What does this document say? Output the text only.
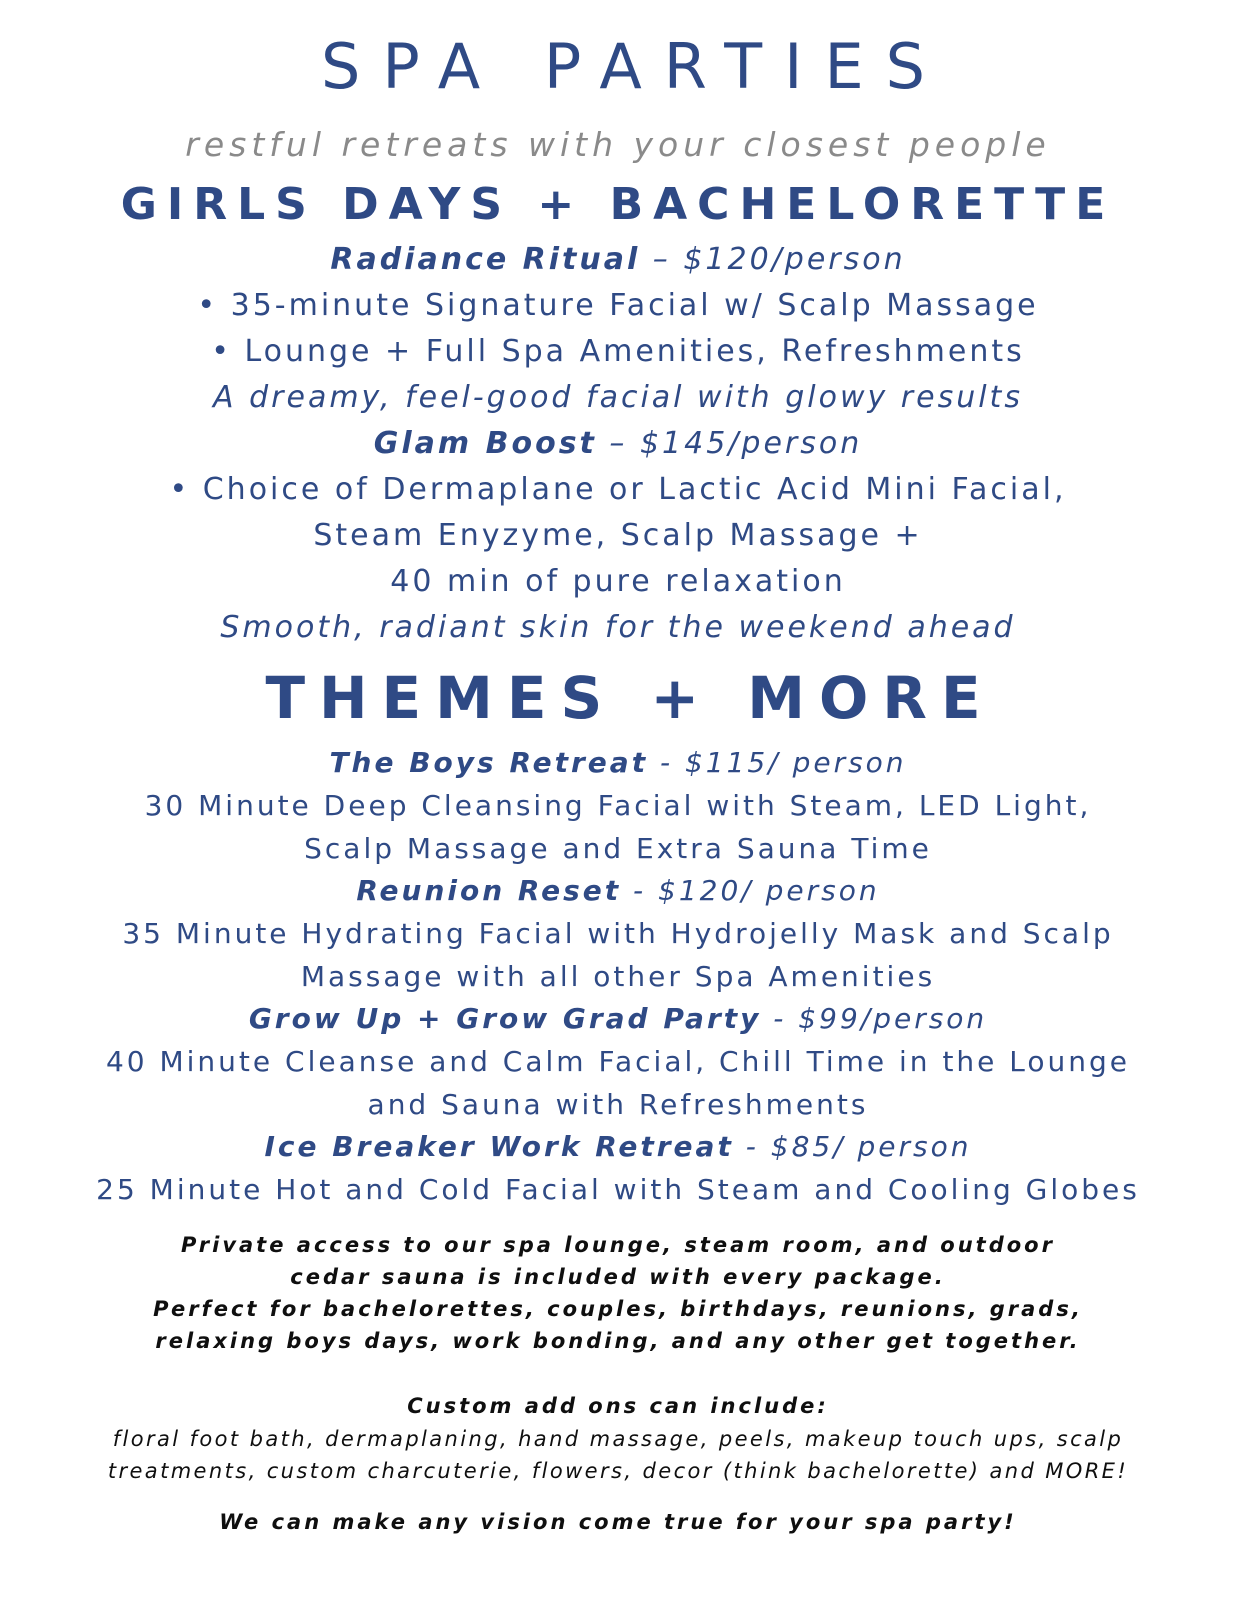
SPA PARTIES

restful retreats with your closest people

GIRLS DAYS + BACHELORETTE

Radiance Ritual – $120/person

• 35-minute Signature Facial w/ Scalp Massage

• Lounge + Full Spa Amenities, Refreshments

A dreamy, feel-good facial with glowy results

Glam Boost – $145/person

• Choice of Dermaplane or Lactic Acid Mini Facial,

Steam Enyzyme, Scalp Massage +

40 min of pure relaxation

Smooth, radiant skin for the weekend ahead

THEMES + MORE

The Boys Retreat - $115/ person

30 Minute Deep Cleansing Facial with Steam, LED Light,

Scalp Massage and Extra Sauna Time

Reunion Reset - $120/ person

35 Minute Hydrating Facial with Hydrojelly Mask and Scalp

Massage with all other Spa Amenities

Grow Up + Grow Grad Party - $99/person

40 Minute Cleanse and Calm Facial, Chill Time in the Lounge

and Sauna with Refreshments

Ice Breaker Work Retreat - $85/ person

25 Minute Hot and Cold Facial with Steam and Cooling Globes

Private access to our spa lounge, steam room, and outdoor

cedar sauna is included with every package.

Perfect for bachelorettes, couples, birthdays, reunions, grads,

relaxing boys days, work bonding, and any other get together.

Custom add ons can include:

floral foot bath, dermaplaning, hand massage, peels, makeup touch ups, scalp

treatments, custom charcuterie, flowers, decor (think bachelorette) and MORE!

We can make any vision come true for your spa party!
